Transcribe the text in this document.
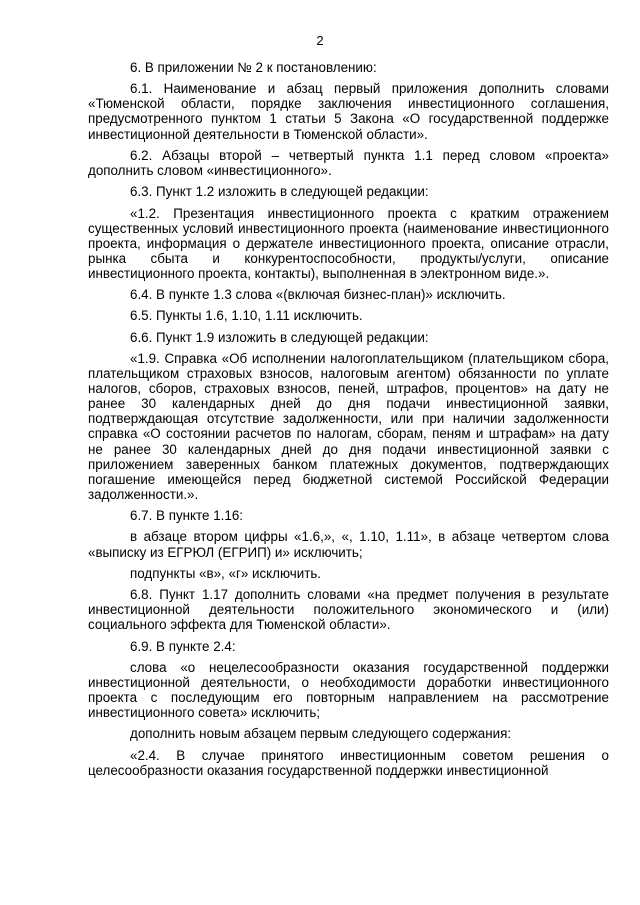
2

6. В приложении № 2 к постановлению:

6.1. Наименование и абзац первый приложения дополнить словами «Тюменской области, порядке заключения инвестиционного соглашения, предусмотренного пунктом 1 статьи 5 Закона «О государственной поддержке инвестиционной деятельности в Тюменской области».

6.2. Абзацы второй – четвертый пункта 1.1 перед словом «проекта» дополнить словом «инвестиционного».

6.3. Пункт 1.2 изложить в следующей редакции:

«1.2. Презентация инвестиционного проекта с кратким отражением существенных условий инвестиционного проекта (наименование инвестиционного проекта, информация о держателе инвестиционного проекта, описание отрасли, рынка сбыта и конкурентоспособности, продукты/услуги, описание инвестиционного проекта, контакты), выполненная в электронном виде.».

6.4. В пункте 1.3 слова «(включая бизнес-план)» исключить.

6.5. Пункты 1.6, 1.10, 1.11 исключить.

6.6. Пункт 1.9 изложить в следующей редакции:

«1.9. Справка «Об исполнении налогоплательщиком (плательщиком сбора, плательщиком страховых взносов, налоговым агентом) обязанности по уплате налогов, сборов, страховых взносов, пеней, штрафов, процентов» на дату не ранее 30 календарных дней до дня подачи инвестиционной заявки, подтверждающая отсутствие задолженности, или при наличии задолженности справка «О состоянии расчетов по налогам, сборам, пеням и штрафам» на дату не ранее 30 календарных дней до дня подачи инвестиционной заявки с приложением заверенных банком платежных документов, подтверждающих погашение имеющейся перед бюджетной системой Российской Федерации задолженности.».

6.7. В пункте 1.16:

в абзаце втором цифры «1.6,», «, 1.10, 1.11», в абзаце четвертом слова «выписку из ЕГРЮЛ (ЕГРИП) и» исключить;

подпункты «в», «г» исключить.

6.8. Пункт 1.17 дополнить словами «на предмет получения в результате инвестиционной деятельности положительного экономического и (или) социального эффекта для Тюменской области».

6.9. В пункте 2.4:

слова «о нецелесообразности оказания государственной поддержки инвестиционной деятельности, о необходимости доработки инвестиционного проекта с последующим его повторным направлением на рассмотрение инвестиционного совета» исключить;

дополнить новым абзацем первым следующего содержания:

«2.4. В случае принятого инвестиционным советом решения о целесообразности оказания государственной поддержки инвестиционной
